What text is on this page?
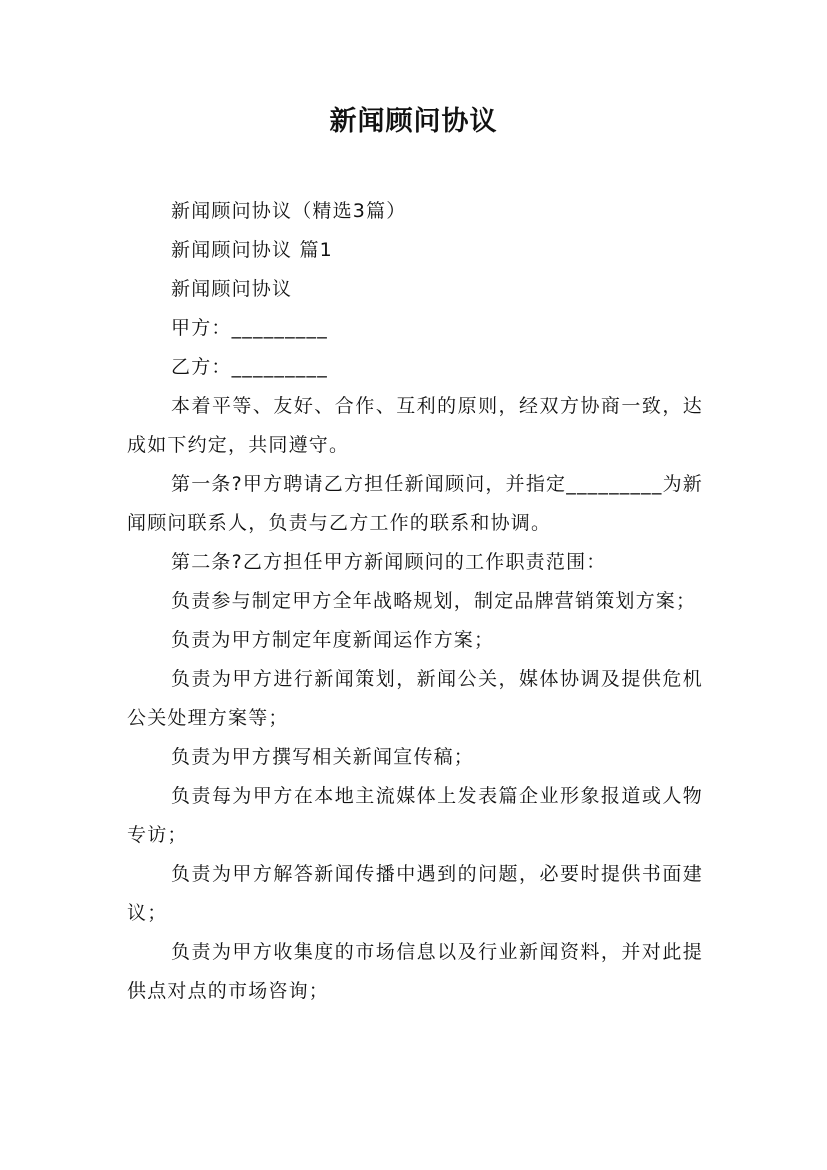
新闻顾问协议

新闻顾问协议（精选3篇）

新闻顾问协议 篇1

新闻顾问协议

甲方：_________

乙方：_________

本着平等、友好、合作、互利的原则，经双方协商一致，达成如下约定，共同遵守。

第一条?甲方聘请乙方担任新闻顾问，并指定_________为新闻顾问联系人，负责与乙方工作的联系和协调。

第二条?乙方担任甲方新闻顾问的工作职责范围：

负责参与制定甲方全年战略规划，制定品牌营销策划方案；

负责为甲方制定年度新闻运作方案；

负责为甲方进行新闻策划，新闻公关，媒体协调及提供危机公关处理方案等；

负责为甲方撰写相关新闻宣传稿；

负责每为甲方在本地主流媒体上发表篇企业形象报道或人物专访；

负责为甲方解答新闻传播中遇到的问题，必要时提供书面建议；

负责为甲方收集度的市场信息以及行业新闻资料，并对此提供点对点的市场咨询；
